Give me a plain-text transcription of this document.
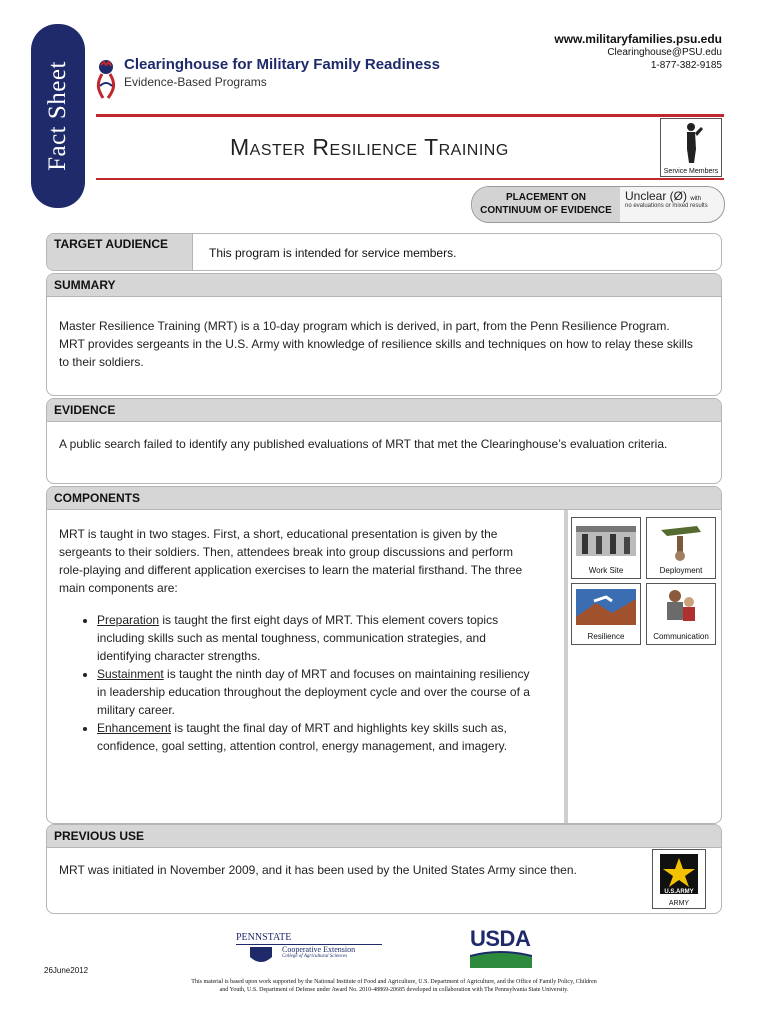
Fact Sheet	Clearinghouse for Military Family Readiness
Evidence-Based Programs
www.militaryfamilies.psu.edu
Clearinghouse@PSU.edu
1-877-382-9185
Master Resilience Training
Service Members
PLACEMENT ON
CONTINUUM OF EVIDENCE
Unclear (Ø) with
no evaluations or mixed results
TARGET AUDIENCE
This program is intended for service members.
SUMMARY
Master Resilience Training (MRT) is a 10-day program which is derived, in part, from the Penn Resilience Program.
MRT provides sergeants in the U.S. Army with knowledge of resilience skills and techniques on how to relay these skills
to their soldiers.
EVIDENCE
A public search failed to identify any published evaluations of MRT that met the Clearinghouse’s evaluation criteria.
COMPONENTS
MRT is taught in two stages. First, a short, educational presentation is given by the
sergeants to their soldiers. Then, attendees break into group discussions and perform
role-playing and different application exercises to learn the material firsthand. The three
main components are:
• Preparation is taught the first eight days of MRT. This element covers topics
including skills such as mental toughness, communication strategies, and
identifying character strengths.
• Sustainment is taught the ninth day of MRT and focuses on maintaining resiliency
in leadership education throughout the deployment cycle and over the course of a
military career.
• Enhancement is taught the final day of MRT and highlights key skills such as,
confidence, goal setting, attention control, energy management, and imagery.
Work Site	Deployment
Resilience	Communication
PREVIOUS USE
MRT was initiated in November 2009, and it has been used by the United States Army since then.
U.S.ARMY
ARMY
PENNSTATE
Cooperative Extension
College of Agricultural Sciences
USDA
26June2012
This material is based upon work supported by the National Institute of Food and Agriculture, U.S. Department of Agriculture, and the Office of Family Policy, Children
and Youth, U.S. Department of Defense under Award No. 2010-48869-20685 developed in collaboration with The Pennsylvania State University.
